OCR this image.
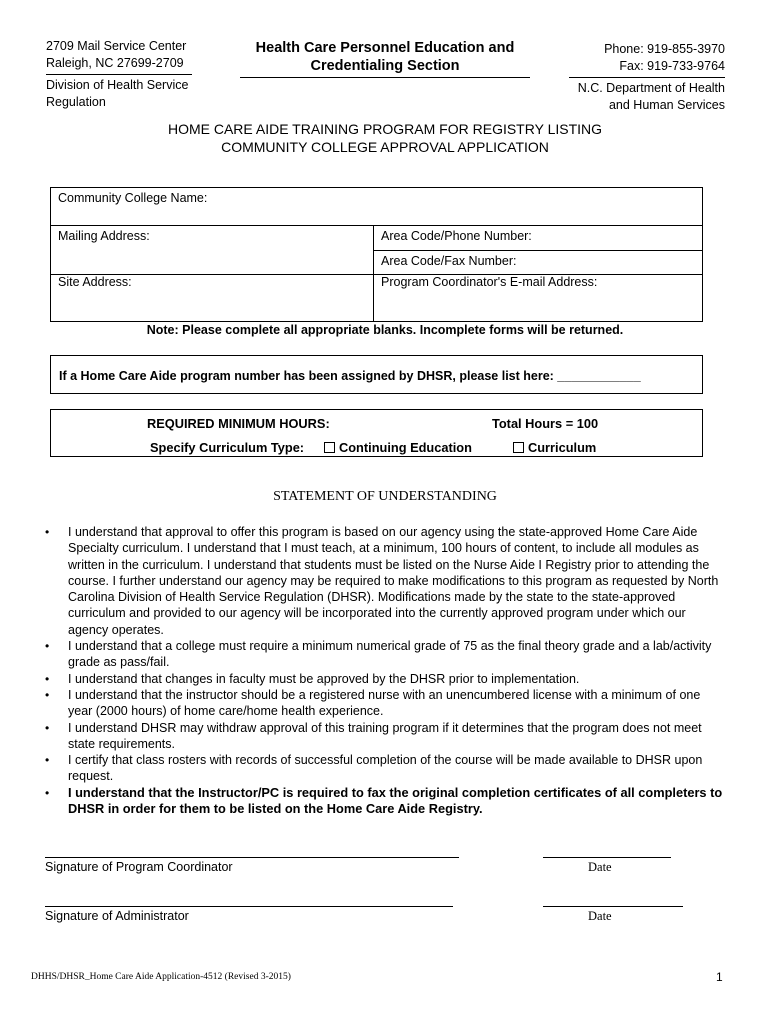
2709 Mail Service Center
Raleigh, NC 27699-2709
Division of Health Service
Regulation
Health Care Personnel Education and
Credentialing Section
Phone: 919-855-3970
Fax: 919-733-9764
N.C. Department of Health
and Human Services
HOME CARE AIDE TRAINING PROGRAM FOR REGISTRY LISTING
COMMUNITY COLLEGE APPROVAL APPLICATION
Community College Name:
Mailing Address:	Area Code/Phone Number:
Area Code/Fax Number:
Site Address:	Program Coordinator's E-mail Address:
Note: Please complete all appropriate blanks. Incomplete forms will be returned.
If a Home Care Aide program number has been assigned by DHSR, please list here: ____________
REQUIRED MINIMUM HOURS:	Total Hours = 100
Specify Curriculum Type:	Continuing Education	Curriculum
STATEMENT OF UNDERSTANDING
•	I understand that approval to offer this program is based on our agency using the state-approved Home Care Aide Specialty curriculum. I understand that I must teach, at a minimum, 100 hours of content, to include all modules as written in the curriculum. I understand that students must be listed on the Nurse Aide I Registry prior to attending the course. I further understand our agency may be required to make modifications to this program as requested by North Carolina Division of Health Service Regulation (DHSR). Modifications made by the state to the state-approved curriculum and provided to our agency will be incorporated into the currently approved program under which our agency operates.
•	I understand that a college must require a minimum numerical grade of 75 as the final theory grade and a lab/activity grade as pass/fail.
•	I understand that changes in faculty must be approved by the DHSR prior to implementation.
•	I understand that the instructor should be a registered nurse with an unencumbered license with a minimum of one year (2000 hours) of home care/home health experience.
•	I understand DHSR may withdraw approval of this training program if it determines that the program does not meet state requirements.
•	I certify that class rosters with records of successful completion of the course will be made available to DHSR upon request.
•	I understand that the Instructor/PC is required to fax the original completion certificates of all completers to DHSR in order for them to be listed on the Home Care Aide Registry.
Signature of Program Coordinator	Date
Signature of Administrator	Date
DHHS/DHSR_Home Care Aide Application-4512 (Revised 3-2015)	1
